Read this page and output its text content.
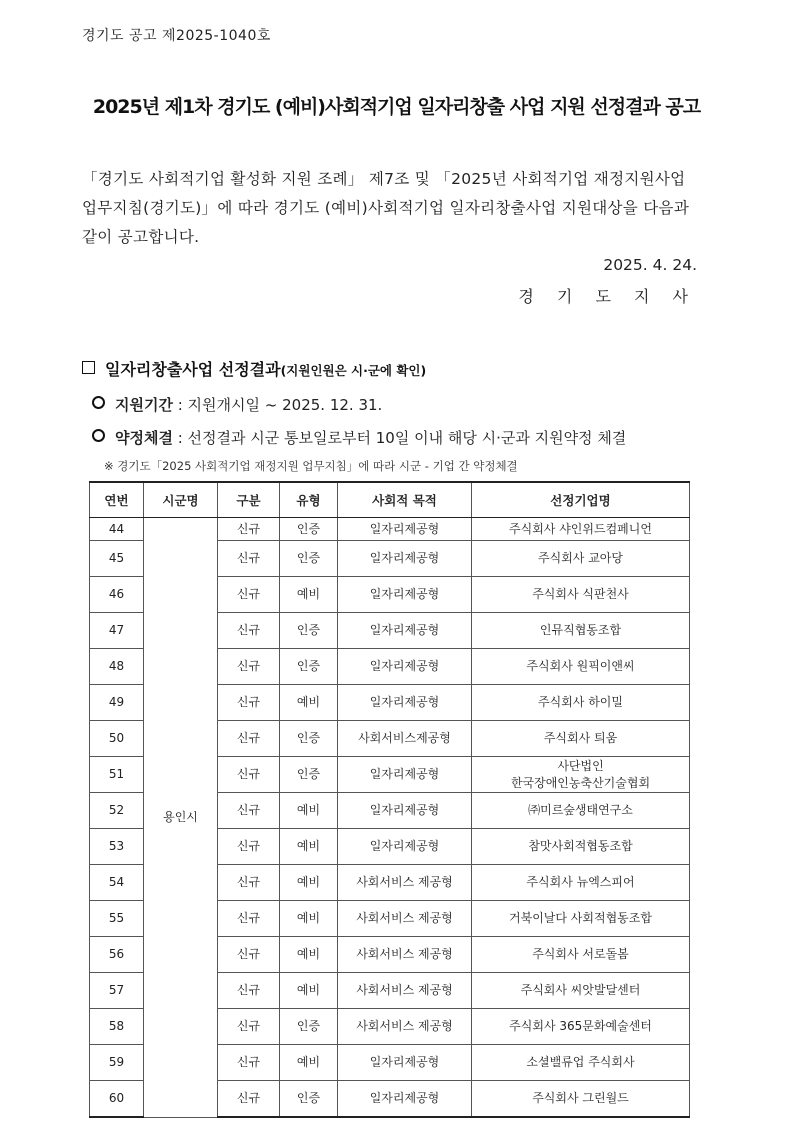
경기도 공고 제2025-1040호
2025년 제1차 경기도 (예비)사회적기업 일자리창출 사업 지원 선정결과 공고
「경기도 사회적기업 활성화 지원 조례」 제7조 및 「2025년 사회적기업 재정지원사업 업무지침(경기도)」에 따라 경기도 (예비)사회적기업 일자리창출사업 지원대상을 다음과 같이 공고합니다.
2025. 4. 24.
경 기 도 지 사
일자리창출사업 선정결과(지원인원은 시·군에 확인)
지원기간 : 지원개시일 ~ 2025. 12. 31.
약정체결 : 선정결과 시군 통보일로부터 10일 이내 해당 시·군과 지원약정 체결
※ 경기도「2025 사회적기업 재정지원 업무지침」에 따라 시군 - 기업 간 약정체결
연번	시군명	구분	유형	사회적 목적	선정기업명
44	용인시	신규	인증	일자리제공형	주식회사 샤인위드컴페니언
45		신규	인증	일자리제공형	주식회사 교아당
46		신규	예비	일자리제공형	주식회사 식판천사
47		신규	인증	일자리제공형	인뮤직협동조합
48		신규	인증	일자리제공형	주식회사 원픽이앤씨
49		신규	예비	일자리제공형	주식회사 하이밀
50		신규	인증	사회서비스제공형	주식회사 틔움
51		신규	인증	일자리제공형	사단법인
한국장애인농축산기술협회

52		신규	예비	일자리제공형	㈜미르숲생태연구소
53		신규	예비	일자리제공형	참맛사회적협동조합
54		신규	예비	사회서비스 제공형	주식회사 뉴엑스피어
55		신규	예비	사회서비스 제공형	거북이날다 사회적협동조합
56		신규	예비	사회서비스 제공형	주식회사 서로돌봄
57		신규	예비	사회서비스 제공형	주식회사 씨앗발달센터
58		신규	인증	사회서비스 제공형	주식회사 365문화예술센터
59		신규	예비	일자리제공형	소셜밸류업 주식회사
60		신규	인증	일자리제공형	주식회사 그린월드
